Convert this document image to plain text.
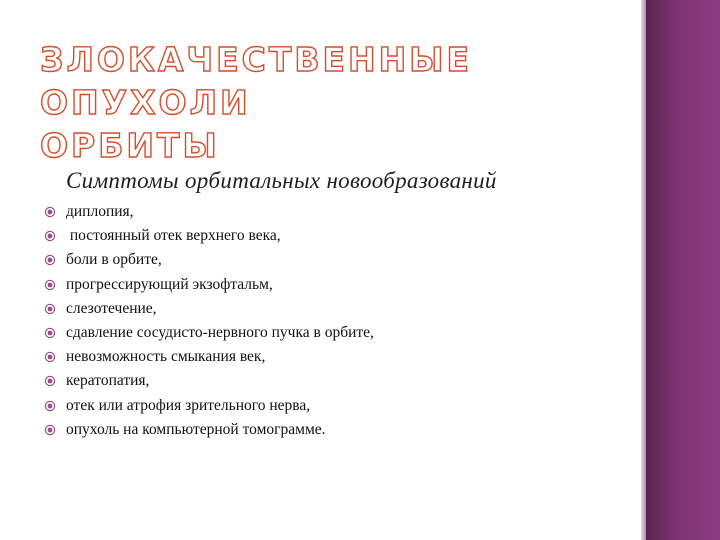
ЗЛОКАЧЕСТВЕННЫЕ ОПУХОЛИ
ОРБИТЫ
Симптомы орбитальных новообразований
диплопия,
постоянный отек верхнего века,
боли в орбите,
прогрессирующий экзофтальм,
слезотечение,
сдавление сосудисто-нервного пучка в орбите,
невозможность смыкания век,
кератопатия,
отек или атрофия зрительного нерва,
опухоль на компьютерной томограмме.
